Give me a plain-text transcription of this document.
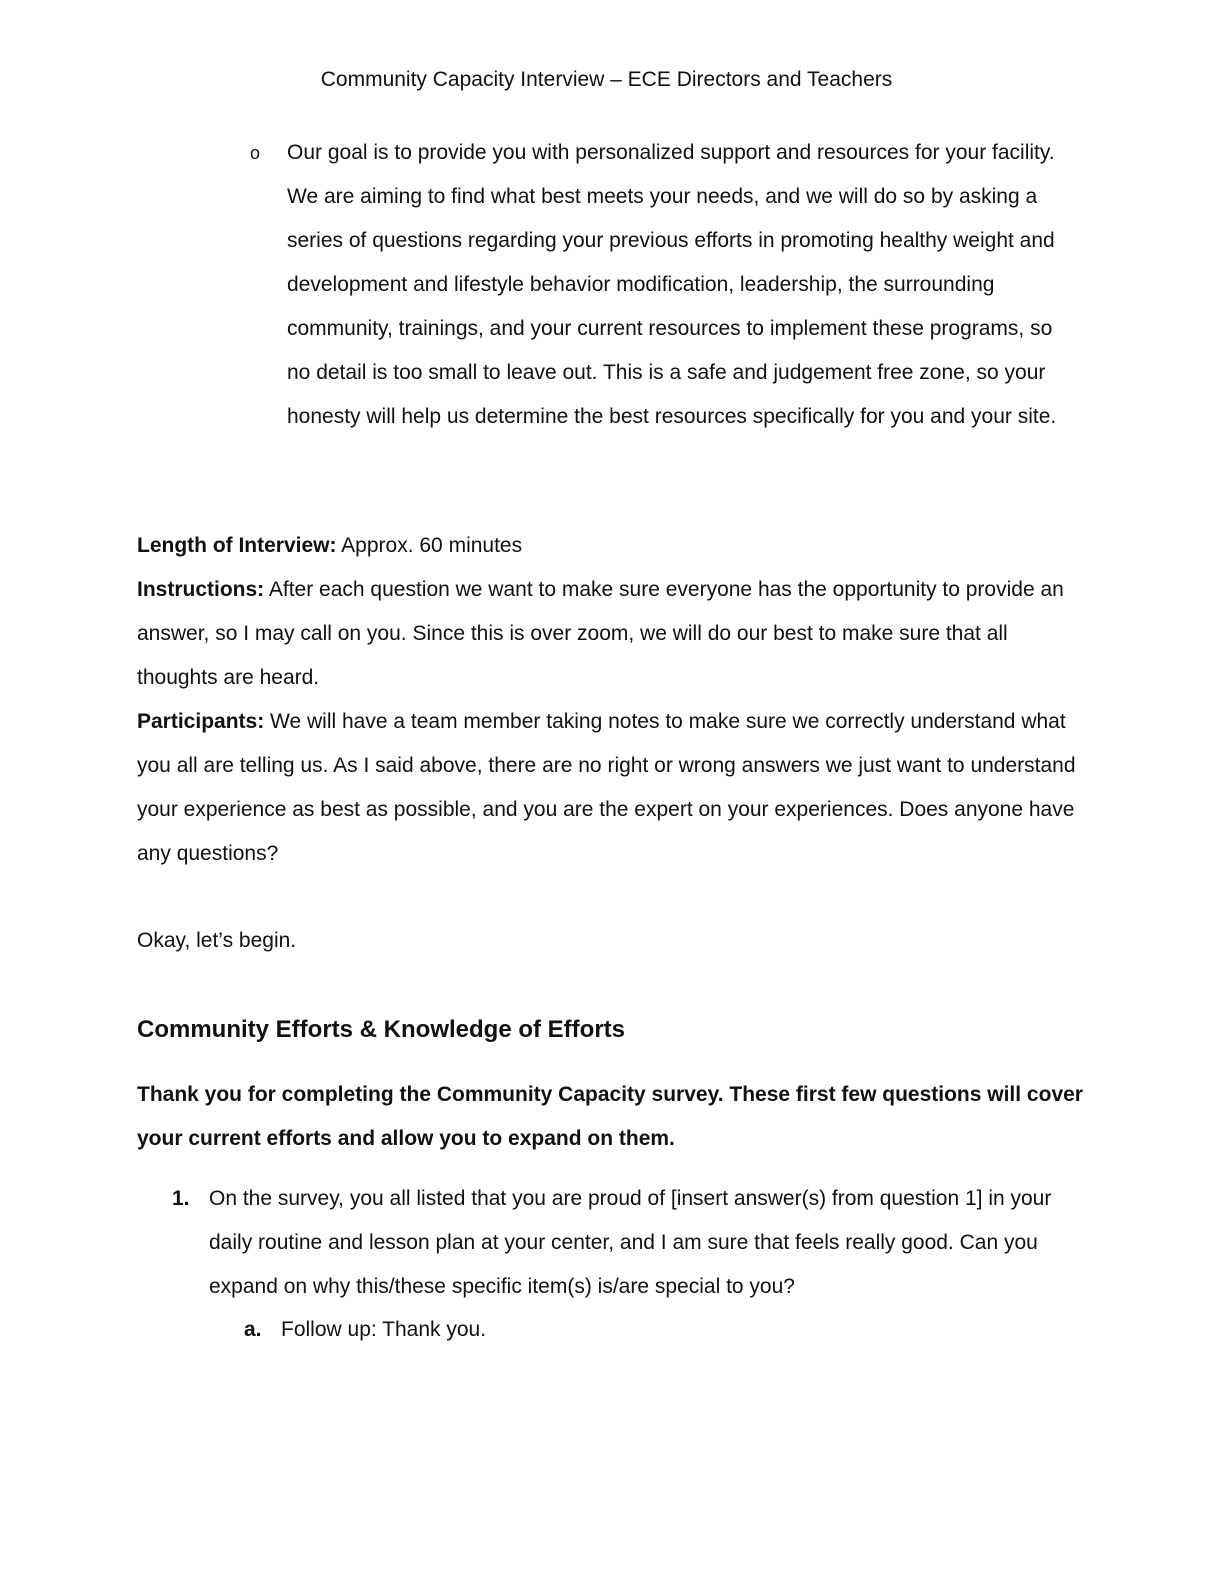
Community Capacity Interview – ECE Directors and Teachers
o Our goal is to provide you with personalized support and resources for your facility. We are aiming to find what best meets your needs, and we will do so by asking a series of questions regarding your previous efforts in promoting healthy weight and development and lifestyle behavior modification, leadership, the surrounding community, trainings, and your current resources to implement these programs, so no detail is too small to leave out. This is a safe and judgement free zone, so your honesty will help us determine the best resources specifically for you and your site.

Length of Interview: Approx. 60 minutes

Instructions: After each question we want to make sure everyone has the opportunity to provide an answer, so I may call on you. Since this is over zoom, we will do our best to make sure that all thoughts are heard.

Participants: We will have a team member taking notes to make sure we correctly understand what you all are telling us. As I said above, there are no right or wrong answers we just want to understand your experience as best as possible, and you are the expert on your experiences. Does anyone have any questions?

Okay, let’s begin.
Community Efforts & Knowledge of Efforts
Thank you for completing the Community Capacity survey. These first few questions will cover your current efforts and allow you to expand on them.
1. On the survey, you all listed that you are proud of [insert answer(s) from question 1] in your daily routine and lesson plan at your center, and I am sure that feels really good. Can you expand on why this/these specific item(s) is/are special to you?
a. Follow up: Thank you.
